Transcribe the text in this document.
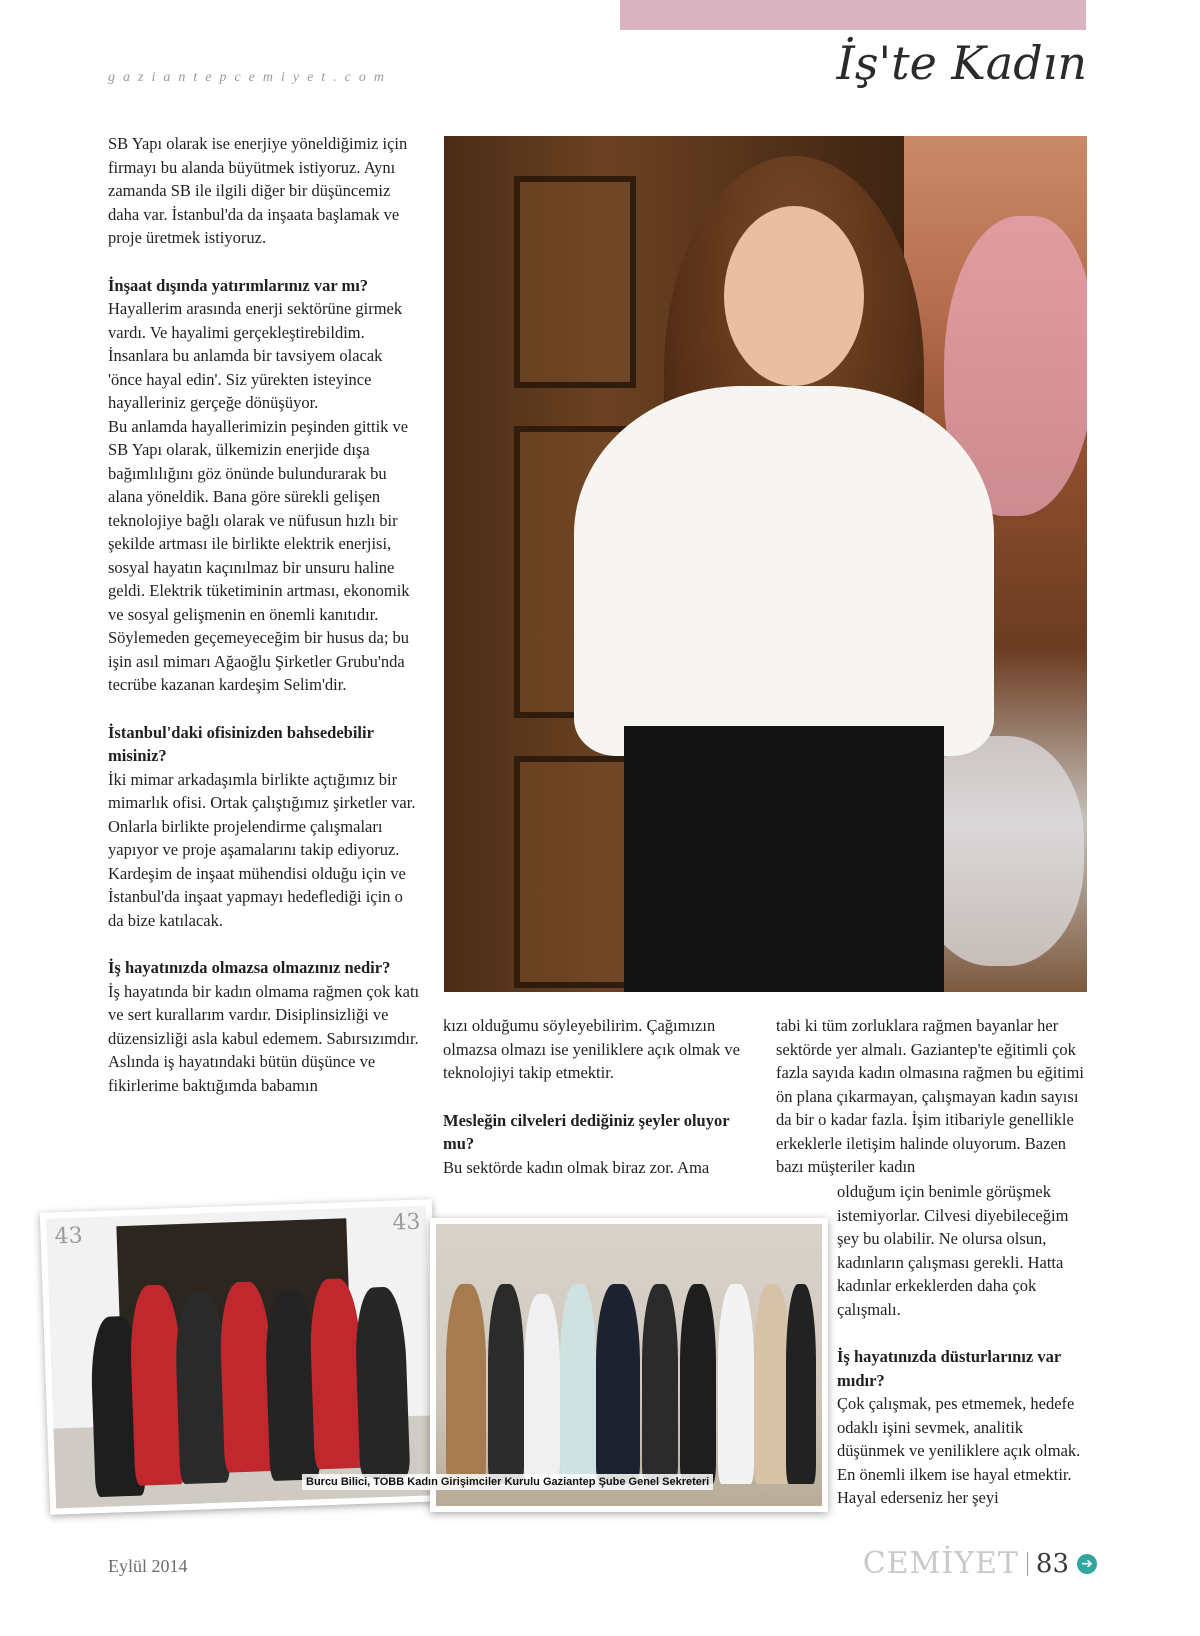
gaziantepcemiyet.com	İş'te Kadın

SB Yapı olarak ise enerjiye yöneldiğimiz için firmayı bu alanda büyütmek istiyoruz. Aynı zamanda SB ile ilgili diğer bir düşüncemiz daha var. İstanbul'da da inşaata başlamak ve proje üretmek istiyoruz.

İnşaat dışında yatırımlarınız var mı?

Hayallerim arasında enerji sektörüne girmek vardı. Ve hayalimi gerçekleştirebildim. İnsanlara bu anlamda bir tavsiyem olacak 'önce hayal edin'. Siz yürekten isteyince hayalleriniz gerçeğe dönüşüyor.

Bu anlamda hayallerimizin peşinden gittik ve SB Yapı olarak, ülkemizin enerjide dışa bağımlılığını göz önünde bulundurarak bu alana yöneldik. Bana göre sürekli gelişen teknolojiye bağlı olarak ve nüfusun hızlı bir şekilde artması ile birlikte elektrik enerjisi, sosyal hayatın kaçınılmaz bir unsuru haline geldi. Elektrik tüketiminin artması, ekonomik ve sosyal gelişmenin en önemli kanıtıdır.

Söylemeden geçemeyeceğim bir husus da; bu işin asıl mimarı Ağaoğlu Şirketler Grubu'nda tecrübe kazanan kardeşim Selim'dir.

İstanbul'daki ofisinizden bahsedebilir misiniz?

İki mimar arkadaşımla birlikte açtığımız bir mimarlık ofisi. Ortak çalıştığımız şirketler var. Onlarla birlikte projelendirme çalışmaları yapıyor ve proje aşamalarını takip ediyoruz. Kardeşim de inşaat mühendisi olduğu için ve İstanbul'da inşaat yapmayı hedeflediği için o da bize katılacak.

İş hayatınızda olmazsa olmazınız nedir?

İş hayatında bir kadın olmama rağmen çok katı ve sert kurallarım vardır. Disiplinsizliği ve düzensizliği asla kabul edemem. Sabırsızımdır. Aslında iş hayatındaki bütün düşünce ve fikirlerime baktığımda babamın

kızı olduğumu söyleyebilirim. Çağımızın olmazsa olmazı ise yeniliklere açık olmak ve teknolojiyi takip etmektir.

Mesleğin cilveleri dediğiniz şeyler oluyor mu?

Bu sektörde kadın olmak biraz zor. Ama

tabi ki tüm zorluklara rağmen bayanlar her sektörde yer almalı. Gaziantep'te eğitimli çok fazla sayıda kadın olmasına rağmen bu eğitimi ön plana çıkarmayan, çalışmayan kadın sayısı da bir o kadar fazla. İşim itibariyle genellikle erkeklerle iletişim halinde oluyorum. Bazen bazı müşteriler kadın

olduğum için benimle görüşmek istemiyorlar. Cilvesi diyebileceğim şey bu olabilir. Ne olursa olsun, kadınların çalışması gerekli. Hatta kadınlar erkeklerden daha çok çalışmalı.

İş hayatınızda düsturlarınız var mıdır?

Çok çalışmak, pes etmemek, hedefe odaklı işini sevmek, analitik düşünmek ve yeniliklere açık olmak. En önemli ilkem ise hayal etmektir. Hayal ederseniz her şeyi

43
43
Burcu Bilici, TOBB Kadın Girişimciler Kurulu Gaziantep Şube Genel Sekreteri
Eylül 2014	CEMİYET 83 ➔
